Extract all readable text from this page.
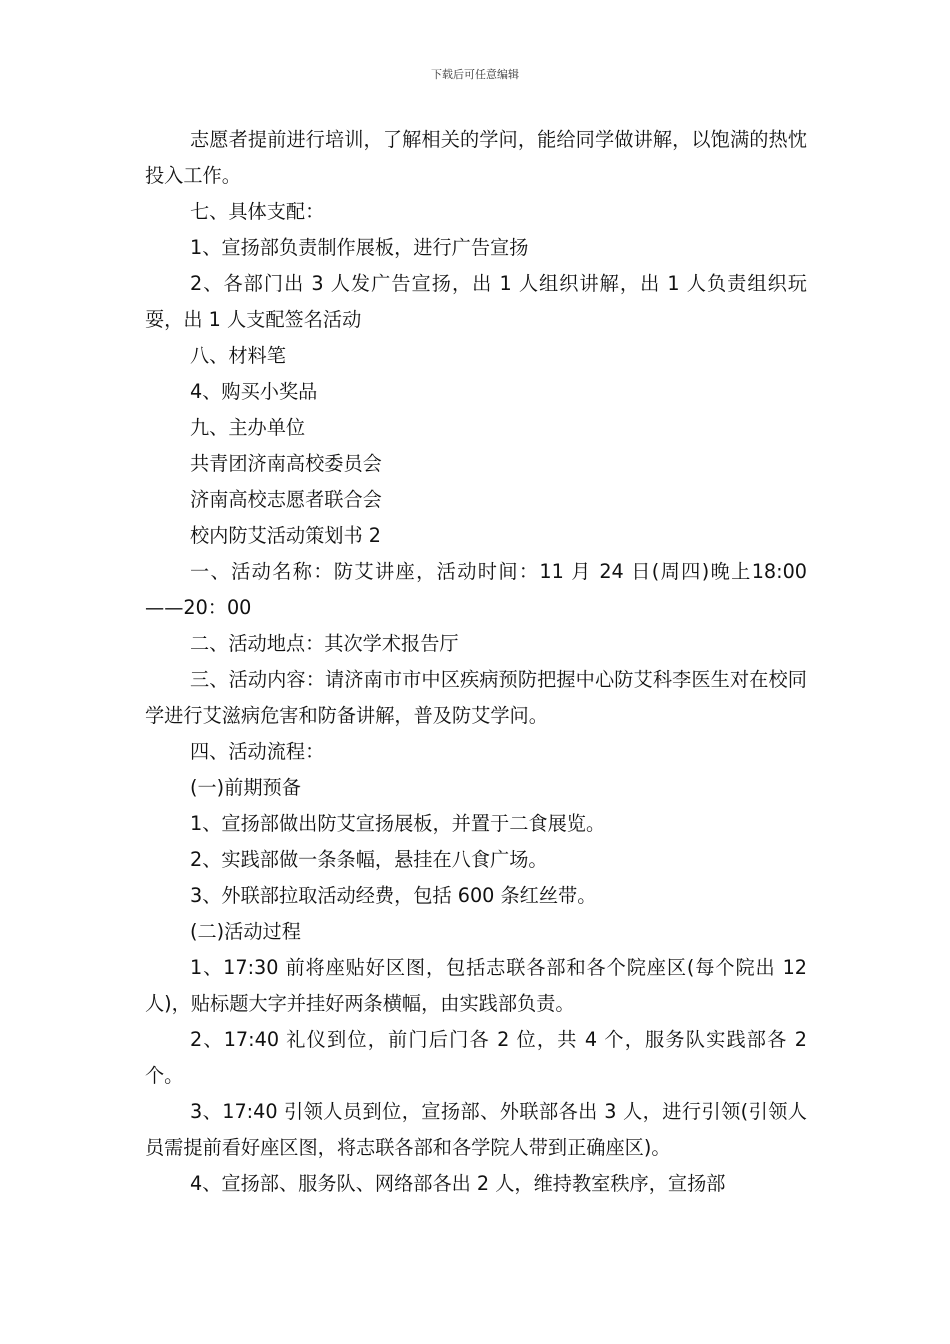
下载后可任意编辑

志愿者提前进行培训，了解相关的学问，能给同学做讲解，以饱满的热忱投入工作。

七、具体支配：

1、宣扬部负责制作展板，进行广告宣扬

2、各部门出 3 人发广告宣扬，出 1 人组织讲解，出 1 人负责组织玩耍，出 1 人支配签名活动

八、材料笔

4、购买小奖品

九、主办单位

共青团济南高校委员会

济南高校志愿者联合会

校内防艾活动策划书 2

一、活动名称：防艾讲座，活动时间：11 月 24 日(周四)晚上18:00——20：00

二、活动地点：其次学术报告厅

三、活动内容：请济南市市中区疾病预防把握中心防艾科李医生对在校同学进行艾滋病危害和防备讲解，普及防艾学问。

四、活动流程：

(一)前期预备

1、宣扬部做出防艾宣扬展板，并置于二食展览。

2、实践部做一条条幅，悬挂在八食广场。

3、外联部拉取活动经费，包括 600 条红丝带。

(二)活动过程

1、17:30 前将座贴好区图，包括志联各部和各个院座区(每个院出 12 人)，贴标题大字并挂好两条横幅，由实践部负责。

2、17:40 礼仪到位，前门后门各 2 位，共 4 个，服务队实践部各 2 个。

3、17:40 引领人员到位，宣扬部、外联部各出 3 人，进行引领(引领人员需提前看好座区图，将志联各部和各学院人带到正确座区)。

4、宣扬部、服务队、网络部各出 2 人，维持教室秩序，宣扬部
